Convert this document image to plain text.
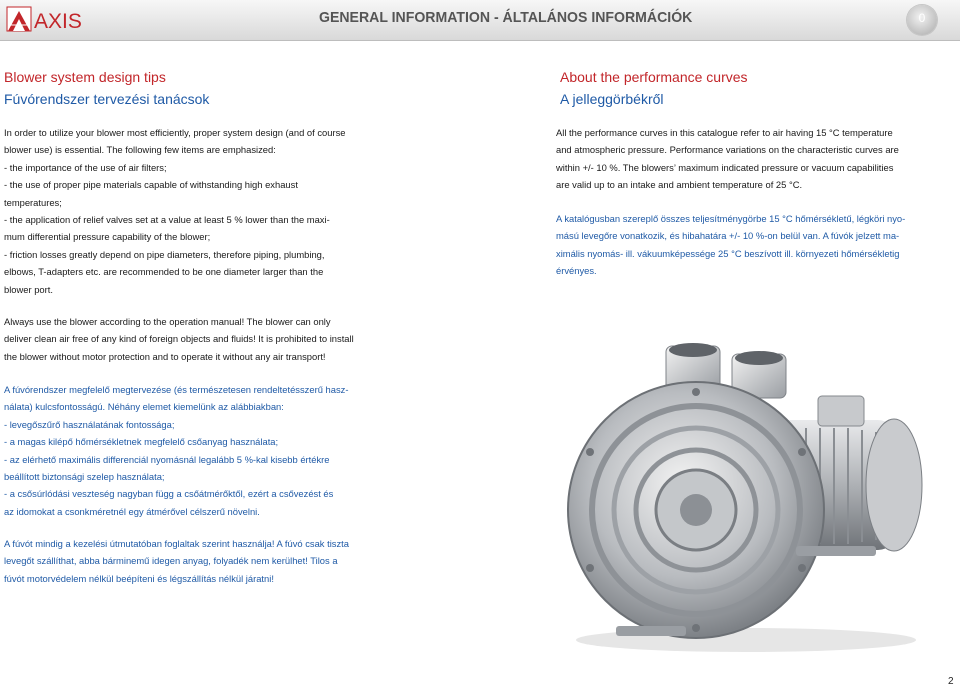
AXIS	GENERAL INFORMATION - ÁLTALÁNOS INFORMÁCIÓK	0
Blower system design tips
Fúvórendszer tervezési tanácsok

In order to utilize your blower most efficiently, proper system design (and of course

blower use) is essential. The following few items are emphasized:

- the importance of the use of air filters;

- the use of proper pipe materials capable of withstanding high exhaust

temperatures;

- the application of relief valves set at a value at least 5 % lower than the maxi-

mum differential pressure capability of the blower;

- friction losses greatly depend on pipe diameters, therefore piping, plumbing,

elbows, T-adapters etc. are recommended to be one diameter larger than the

blower port.

Always use the blower according to the operation manual! The blower can only

deliver clean air free of any kind of foreign objects and fluids! It is prohibited to install

the blower without motor protection and to operate it without any air transport!

A fúvórendszer megfelelő megtervezése (és természetesen rendeltetésszerű hasz-

nálata) kulcsfontosságú. Néhány elemet kiemelünk az alábbiakban:

- levegőszűrő használatának fontossága;

- a magas kilépő hőmérsékletnek megfelelő csőanyag használata;

- az elérhető maximális differenciál nyomásnál legalább 5 %-kal kisebb értékre

beállított biztonsági szelep használata;

- a csősúrlódási veszteség nagyban függ a csőátmérőktől, ezért a csővezést és

az idomokat a csonkméretnél egy átmérővel célszerű növelni.

A fúvót mindig a kezelési útmutatóban foglaltak szerint használja! A fúvó csak tiszta

levegőt szállíthat, abba bárminemű idegen anyag, folyadék nem kerülhet! Tilos a

fúvót motorvédelem nélkül beépíteni és légszállítás nélkül járatni!

About the performance curves
A jelleggörbékről

All the performance curves in this catalogue refer to air having 15 °C temperature

and atmospheric pressure. Performance variations on the characteristic curves are

within +/- 10 %. The blowers’ maximum indicated pressure or vacuum capabilities

are valid up to an intake and ambient temperature of 25 °C.

A katalógusban szereplő összes teljesítménygörbe 15 °C hőmérsékletű, légköri nyo-

mású levegőre vonatkozik, és hibahatára +/- 10 %-on belül van. A fúvók jelzett ma-

ximális nyomás- ill. vákuumképessége 25 °C beszívott ill. környezeti hőmérsékletig

érvényes.

2
